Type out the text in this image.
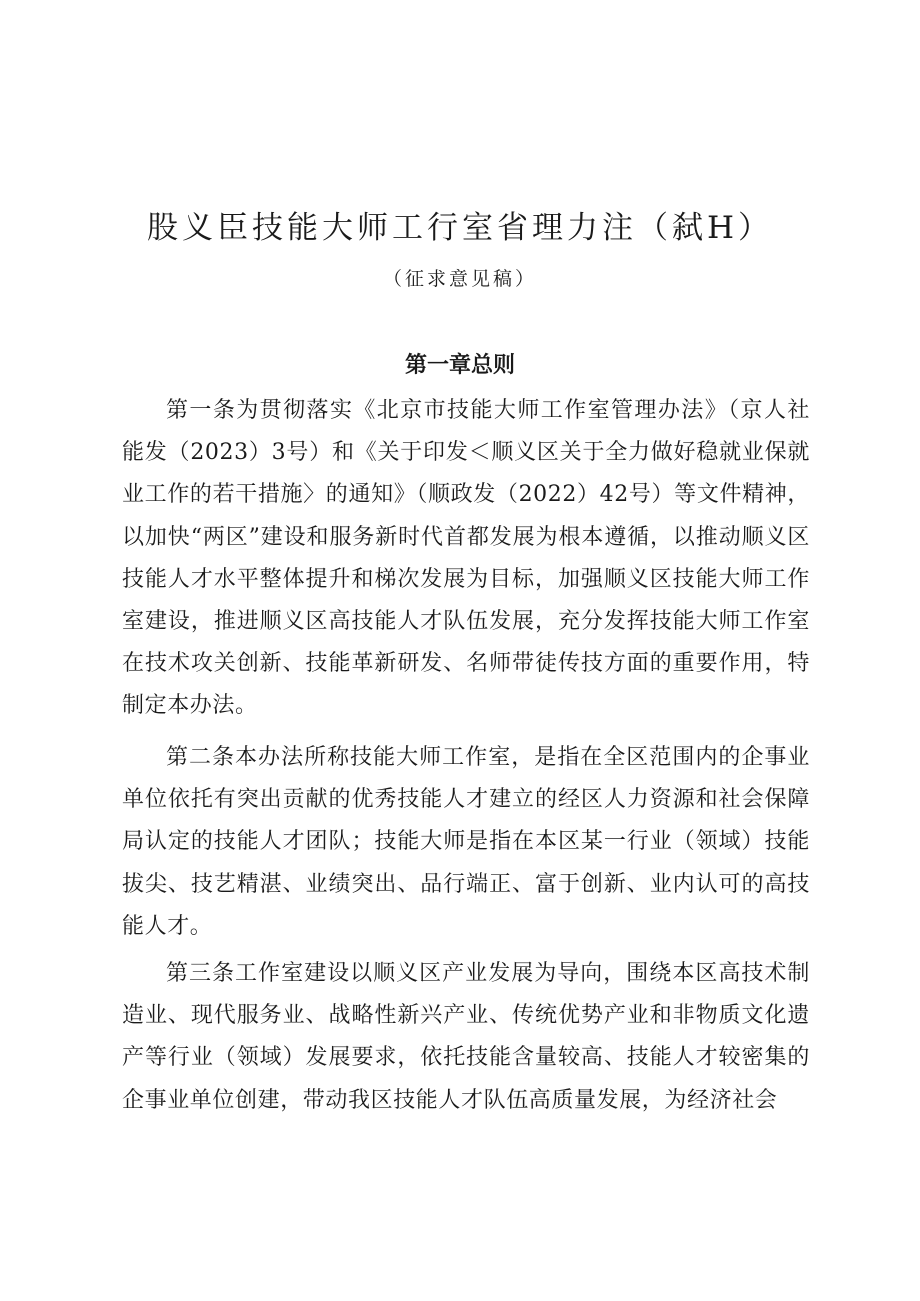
股义臣技能大师工行室省理力注（弑H）
（征求意见稿）
第一章总则

第一条为贯彻落实《北京市技能大师工作室管理办法》（京人社能发（2023）3号）和《关于印发＜顺义区关于全力做好稳就业保就业工作的若干措施〉的通知》（顺政发（2022）42号）等文件精神，以加快“两区”建设和服务新时代首都发展为根本遵循，以推动顺义区技能人才水平整体提升和梯次发展为目标，加强顺义区技能大师工作室建设，推进顺义区高技能人才队伍发展，充分发挥技能大师工作室在技术攻关创新、技能革新研发、名师带徒传技方面的重要作用，特制定本办法。

第二条本办法所称技能大师工作室，是指在全区范围内的企事业单位依托有突出贡献的优秀技能人才建立的经区人力资源和社会保障局认定的技能人才团队；技能大师是指在本区某一行业（领域）技能拔尖、技艺精湛、业绩突出、品行端正、富于创新、业内认可的高技能人才。

第三条工作室建设以顺义区产业发展为导向，围绕本区高技术制造业、现代服务业、战略性新兴产业、传统优势产业和非物质文化遗产等行业（领域）发展要求，依托技能含量较高、技能人才较密集的企事业单位创建，带动我区技能人才队伍高质量发展，为经济社会
